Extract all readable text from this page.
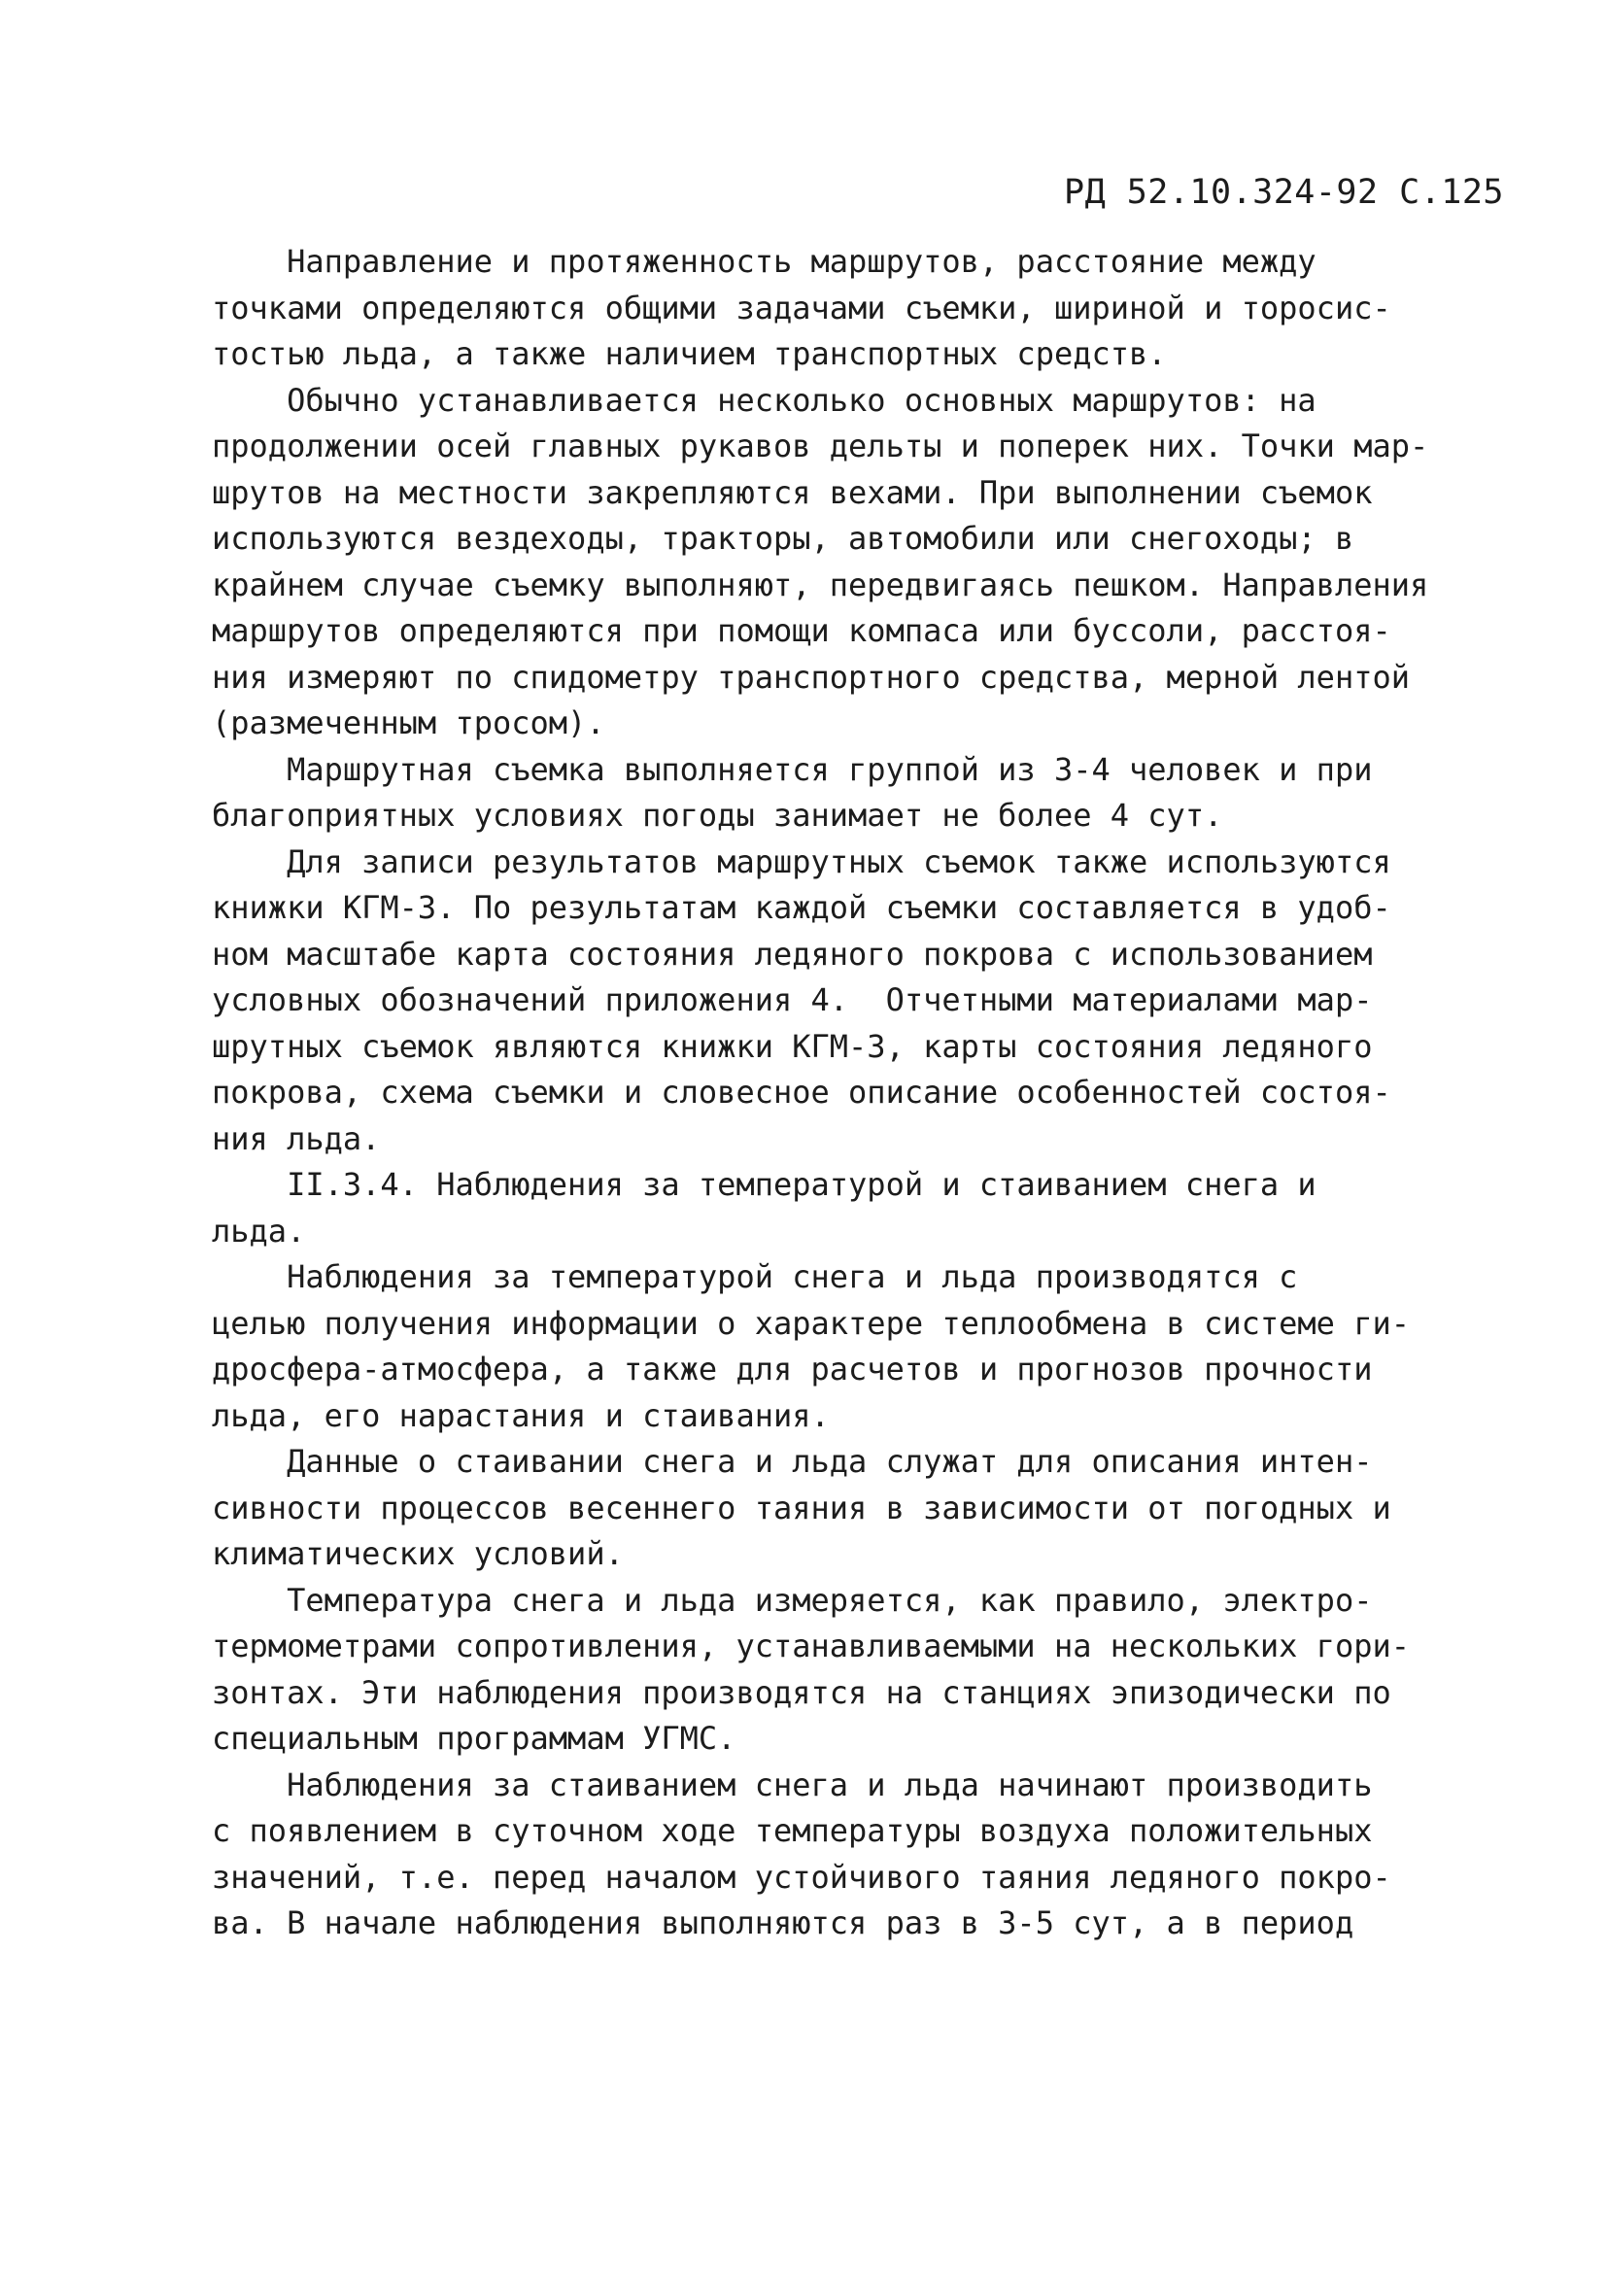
РД 52.10.324-92 С.125
Направление и протяженность маршрутов, расстояние между
точками определяются общими задачами съемки, шириной и торосис-
тостью льда, а также наличием транспортных средств.
Обычно устанавливается несколько основных маршрутов: на
продолжении осей главных рукавов дельты и поперек них. Точки мар-
шрутов на местности закрепляются вехами. При выполнении съемок
используются вездеходы, тракторы, автомобили или снегоходы; в
крайнем случае съемку выполняют, передвигаясь пешком. Направления
маршрутов определяются при помощи компаса или буссоли, расстоя-
ния измеряют по спидометру транспортного средства, мерной лентой
(размеченным тросом).
Маршрутная съемка выполняется группой из 3-4 человек и при
благоприятных условиях погоды занимает не более 4 сут.
Для записи результатов маршрутных съемок также используются
книжки КГМ-3. По результатам каждой съемки составляется в удоб-
ном масштабе карта состояния ледяного покрова с использованием
условных обозначений приложения 4.  Отчетными материалами мар-
шрутных съемок являются книжки КГМ-3, карты состояния ледяного
покрова, схема съемки и словесное описание особенностей состоя-
ния льда.
II.3.4. Наблюдения за температурой и стаиванием снега и
льда.
Наблюдения за температурой снега и льда производятся с
целью получения информации о характере теплообмена в системе ги-
дросфера-атмосфера, а также для расчетов и прогнозов прочности
льда, его нарастания и стаивания.
Данные о стаивании снега и льда служат для описания интен-
сивности процессов весеннего таяния в зависимости от погодных и
климатических условий.
Температура снега и льда измеряется, как правило, электро-
термометрами сопротивления, устанавливаемыми на нескольких гори-
зонтах. Эти наблюдения производятся на станциях эпизодически по
специальным программам УГМС.
Наблюдения за стаиванием снега и льда начинают производить
с появлением в суточном ходе температуры воздуха положительных
значений, т.е. перед началом устойчивого таяния ледяного покро-
ва. В начале наблюдения выполняются раз в 3-5 сут, а в период
